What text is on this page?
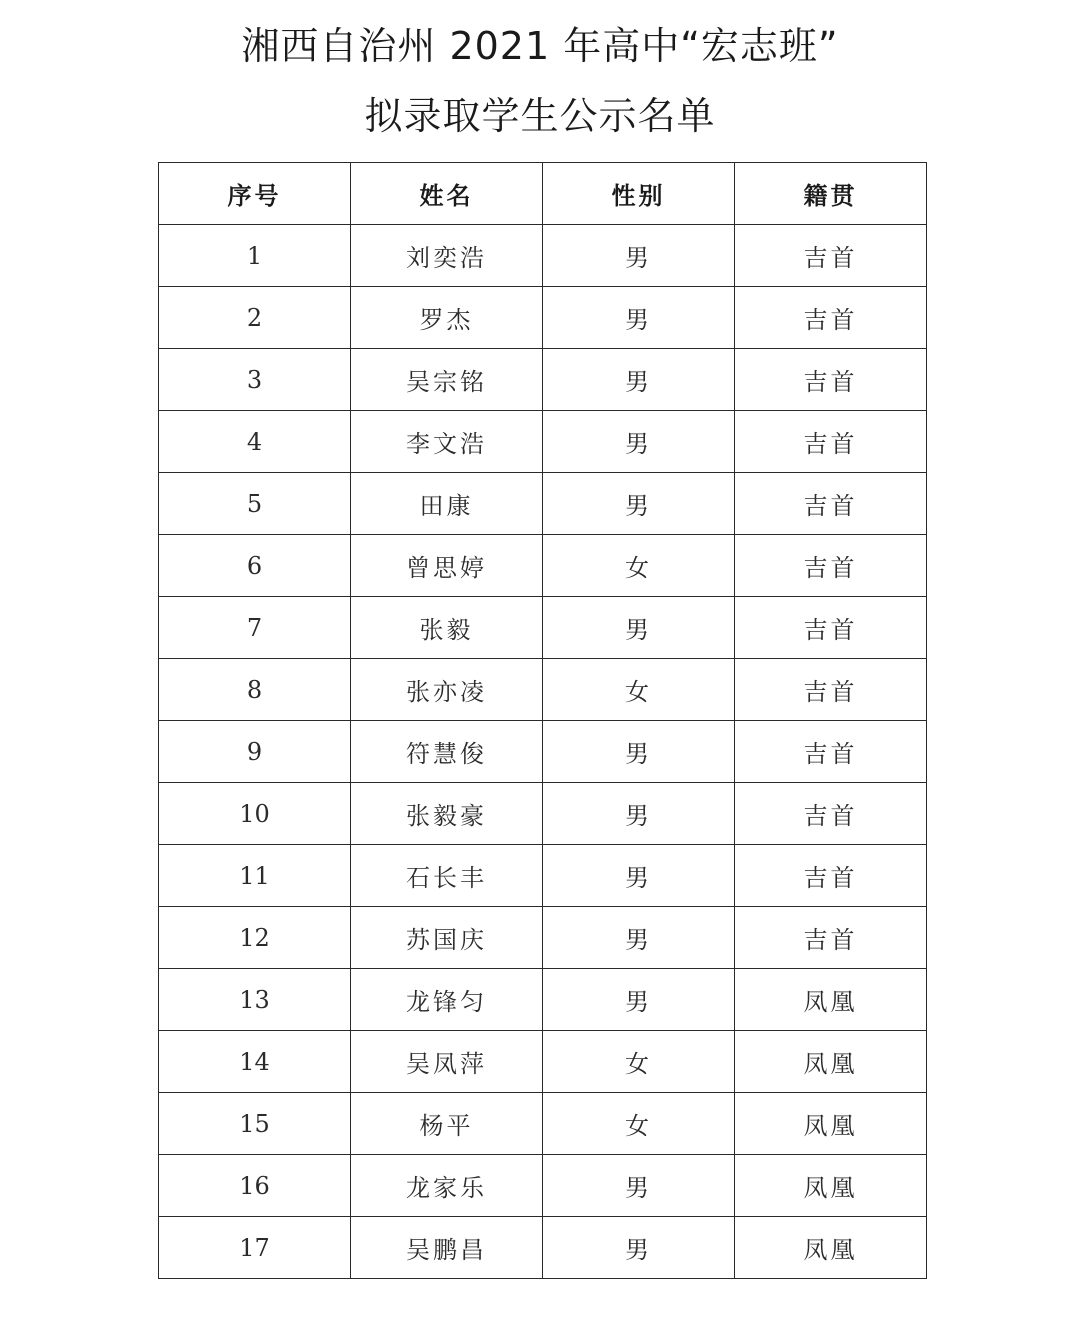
湘西自治州 2021 年高中“宏志班”
拟录取学生公示名单
序号	姓名	性别	籍贯
1	刘奕浩	男	吉首
2	罗杰	男	吉首
3	吴宗铭	男	吉首
4	李文浩	男	吉首
5	田康	男	吉首
6	曾思婷	女	吉首
7	张毅	男	吉首
8	张亦凌	女	吉首
9	符慧俊	男	吉首
10	张毅豪	男	吉首
11	石长丰	男	吉首
12	苏国庆	男	吉首
13	龙锋匀	男	凤凰
14	吴凤萍	女	凤凰
15	杨平	女	凤凰
16	龙家乐	男	凤凰
17	吴鹏昌	男	凤凰
